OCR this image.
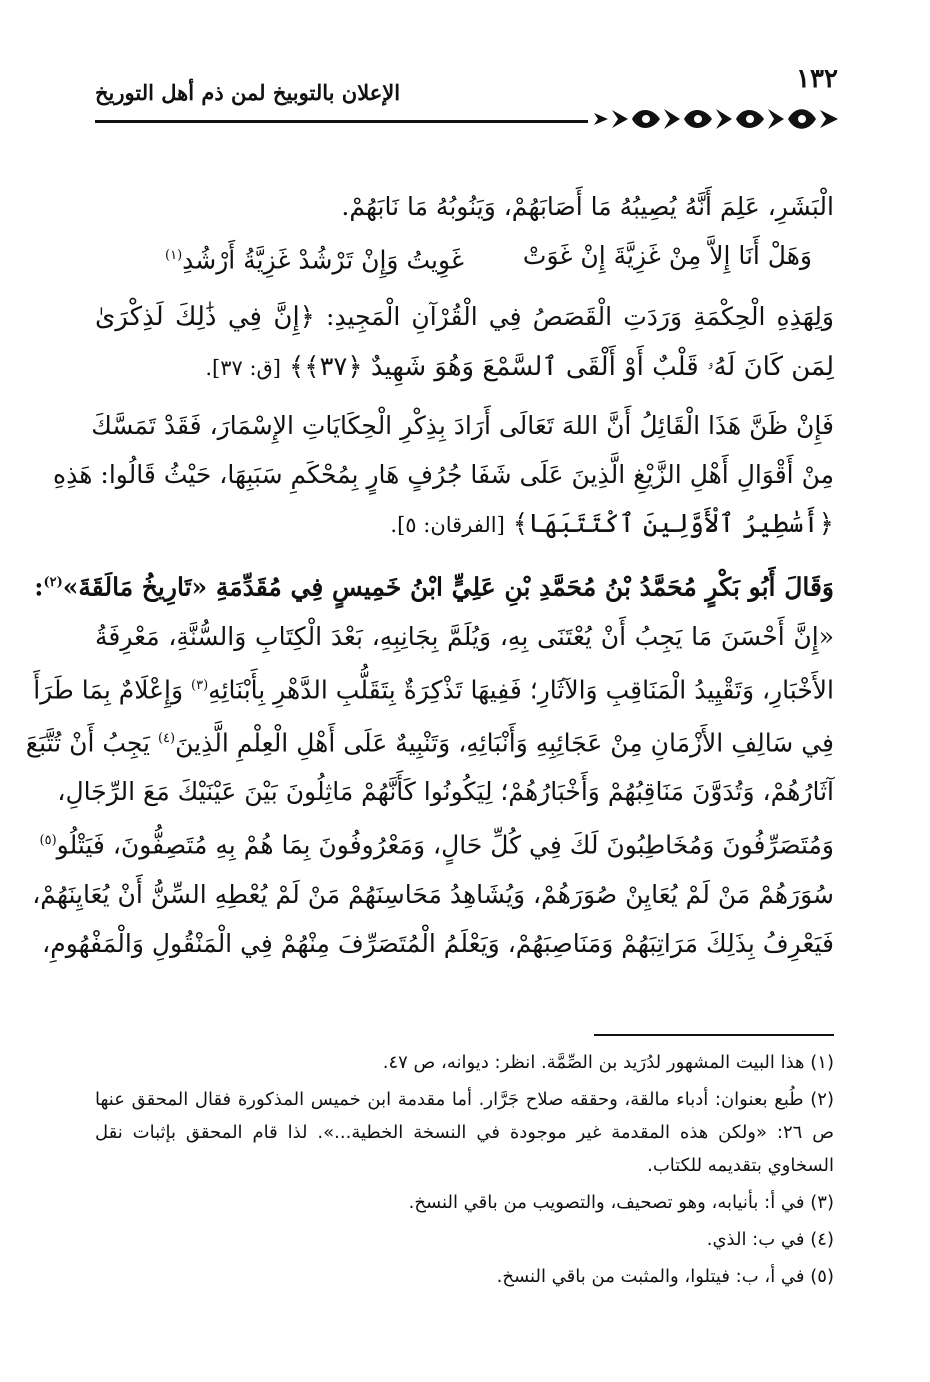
١٣٢
الإعلان بالتوبيخ لمن ذم أهل التوريخ
الْبَشَرِ، عَلِمَ أَنَّهُ يُصِيبُهُ مَا أَصَابَهُمْ، وَيَنُوبُهُ مَا نَابَهُمْ.
وَهَلْ أَنَا إِلاَّ مِنْ غَزِيَّةَ إِنْ غَوَتْ
غَوِيتُ وَإِنْ تَرْشُدْ غَزِيَّةُ أَرْشُدِ$^{(١)}$
وَلِهَذِهِ الْحِكْمَةِ وَرَدَتِ الْقَصَصُ فِي الْقُرْآنِ الْمَجِيدِ: ﴿إِنَّ فِي ذَٰلِكَ لَذِكْرَىٰ
لِمَن كَانَ لَهُۥ قَلْبٌ أَوْ أَلْقَى ٱلسَّمْعَ وَهُوَ شَهِيدٌ ﴿٣٧﴾﴾ [ق: ٣٧].
فَإِنْ ظَنَّ هَذَا الْقَائِلُ أَنَّ اللهَ تَعَالَى أَرَادَ بِذِكْرِ الْحِكَايَاتِ الإِسْمَارَ، فَقَدْ تَمَسَّكَ
مِنْ أَقْوَالِ أَهْلِ الزَّيْغِ الَّذِينَ عَلَى شَفَا جُرُفٍ هَارٍ بِمُحْكَمِ سَبَبِهَا، حَيْثُ قَالُوا: هَذِهِ
﴿أَسَٰطِيرُ ٱلْأَوَّلِينَ ٱكْتَتَبَهَا﴾ [الفرقان: ٥].
وَقَالَ أَبُو بَكْرٍ مُحَمَّدُ بْنُ مُحَمَّدِ بْنِ عَلِيٍّ ابْنُ خَمِيسٍ فِي مُقَدِّمَةِ «تَارِيخُ مَالَقَةَ»$^{(٢)}$:
«إِنَّ أَحْسَنَ مَا يَجِبُ أَنْ يُعْتَنَى بِهِ، وَيُلَمَّ بِجَانِبِهِ، بَعْدَ الْكِتَابِ وَالسُّنَّةِ، مَعْرِفَةُ
الأَخْبَارِ، وَتَقْيِيدُ الْمَنَاقِبِ وَالآثَارِ؛ فَفِيهَا تَذْكِرَةٌ بِتَقَلُّبِ الدَّهْرِ بِأَبْنَائِهِ$^{(٣)}$ وَإِعْلَامٌ بِمَا طَرَأَ
فِي سَالِفِ الأَزْمَانِ مِنْ عَجَائِبِهِ وَأَنْبَائِهِ، وَتَنْبِيهٌ عَلَى أَهْلِ الْعِلْمِ الَّذِينَ$^{(٤)}$ يَجِبُ أَنْ تُتَّبَعَ
آثَارُهُمْ، وَتُدَوَّنَ مَنَاقِبُهُمْ وَأَخْبَارُهُمْ؛ لِيَكُونُوا كَأَنَّهُمْ مَاثِلُونَ بَيْنَ عَيْنَيْكَ مَعَ الرِّجَالِ،
وَمُتَصَرِّفُونَ وَمُخَاطِبُونَ لَكَ فِي كُلِّ حَالٍ، وَمَعْرُوفُونَ بِمَا هُمْ بِهِ مُتَصِفُّونَ، فَيَتْلُو$^{(٥)}$
سُوَرَهُمْ مَنْ لَمْ يُعَايِنْ صُوَرَهُمْ، وَيُشَاهِدُ مَحَاسِنَهُمْ مَنْ لَمْ يُعْطِهِ السِّنُّ أَنْ يُعَايِنَهُمْ،
فَيَعْرِفُ بِذَلِكَ مَرَاتِبَهُمْ وَمَنَاصِبَهُمْ، وَيَعْلَمُ الْمُتَصَرِّفَ مِنْهُمْ فِي الْمَنْقُولِ وَالْمَفْهُومِ،
(١) هذا البيت المشهور لدُرَيد بن الصِّمَّة. انظر: ديوانه، ص ٤٧.
(٢) طُبع بعنوان: أدباء مالقة، وحققه صلاح جَرَّار. أما مقدمة ابن خميس المذكورة فقال المحقق عنها ص ٢٦: «ولكن هذه المقدمة غير موجودة في النسخة الخطية...». لذا قام المحقق بإثبات نقل السخاوي بتقديمه للكتاب.
(٣) في أ: بأنيابه، وهو تصحيف، والتصويب من باقي النسخ.
(٤) في ب: الذي.
(٥) في أ، ب: فيتلوا، والمثبت من باقي النسخ.
